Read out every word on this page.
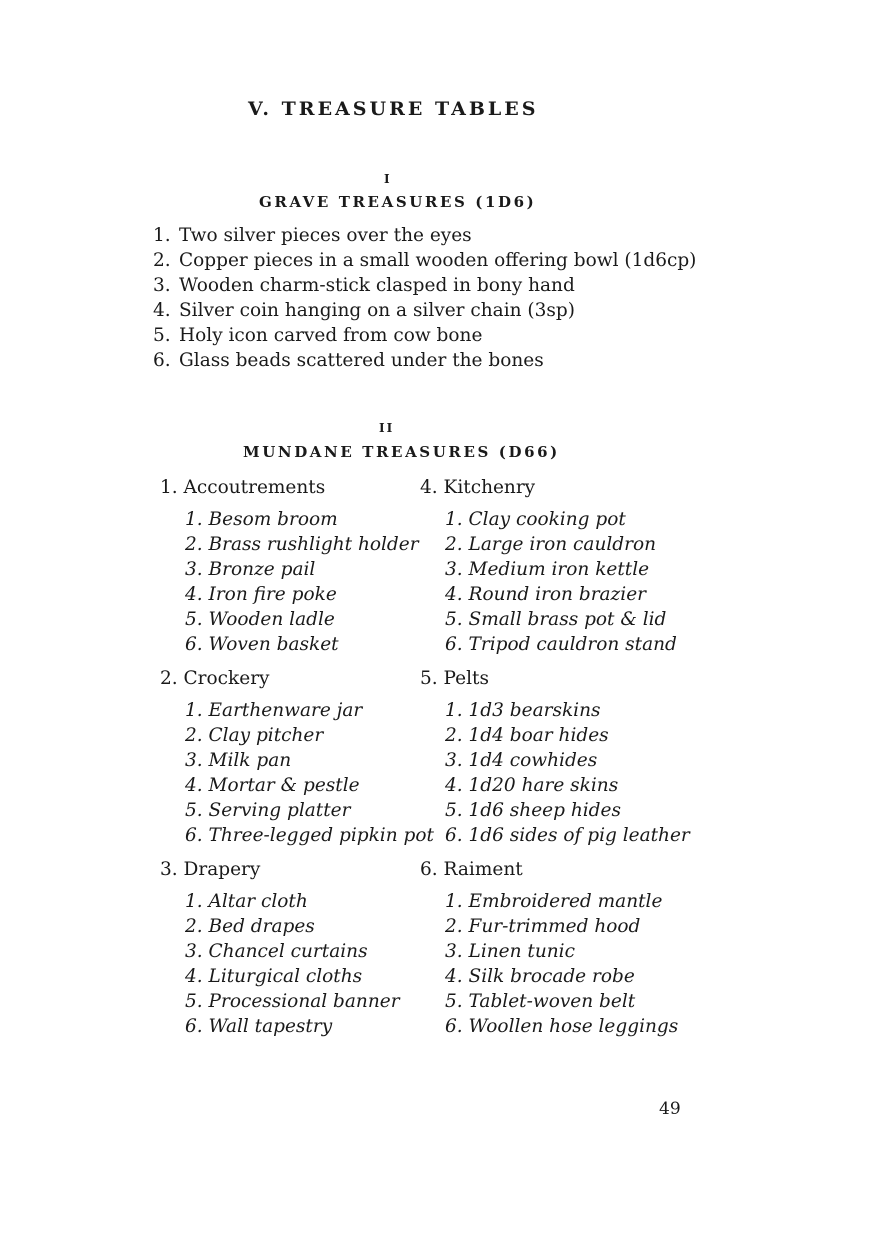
V. TREASURE TABLES
I
GRAVE TREASURES (1D6)
1. Two silver pieces over the eyes
2. Copper pieces in a small wooden offering bowl (1d6cp)
3. Wooden charm-stick clasped in bony hand
4. Silver coin hanging on a silver chain (3sp)
5. Holy icon carved from cow bone
6. Glass beads scattered under the bones
II
MUNDANE TREASURES (D66)
1. Accoutrements
1. Besom broom
2. Brass rushlight holder
3. Bronze pail
4. Iron fire poke
5. Wooden ladle
6. Woven basket
2. Crockery
1. Earthenware jar
2. Clay pitcher
3. Milk pan
4. Mortar & pestle
5. Serving platter
6. Three-legged pipkin pot
3. Drapery
1. Altar cloth
2. Bed drapes
3. Chancel curtains
4. Liturgical cloths
5. Processional banner
6. Wall tapestry
4. Kitchenry
1. Clay cooking pot
2. Large iron cauldron
3. Medium iron kettle
4. Round iron brazier
5. Small brass pot & lid
6. Tripod cauldron stand
5. Pelts
1. 1d3 bearskins
2. 1d4 boar hides
3. 1d4 cowhides
4. 1d20 hare skins
5. 1d6 sheep hides
6. 1d6 sides of pig leather
6. Raiment
1. Embroidered mantle
2. Fur-trimmed hood
3. Linen tunic
4. Silk brocade robe
5. Tablet-woven belt
6. Woollen hose leggings
49
